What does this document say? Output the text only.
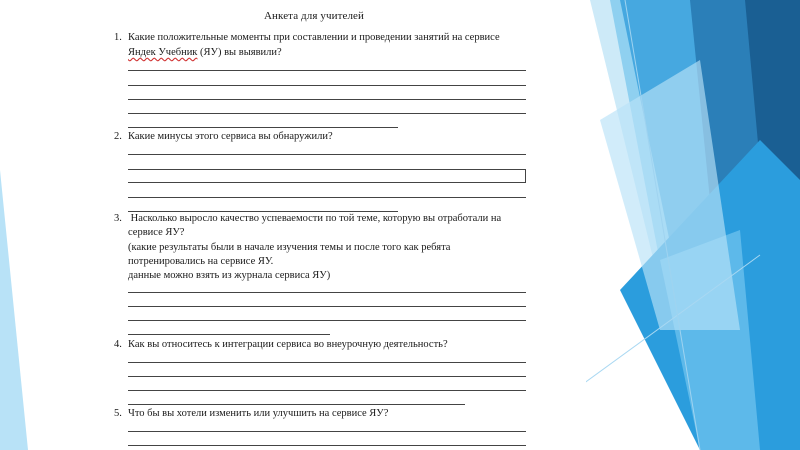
Анкета для учителей
1. Какие положительные моменты при составлении и проведении занятий на сервисе
Яндек Учебник (ЯУ) вы выявили?
2. Какие минусы этого сервиса вы обнаружили?
3. Насколько выросло качество успеваемости по той теме, которую вы отработали на
сервисе ЯУ?
(какие результаты были в начале изучения темы и после того как ребята
потренировались на сервисе ЯУ.
данные можно взять из журнала сервиса ЯУ)
4. Как вы относитесь к интеграции сервиса во внеурочную деятельность?
5. Что бы вы хотели изменить или улучшить на сервисе ЯУ?
